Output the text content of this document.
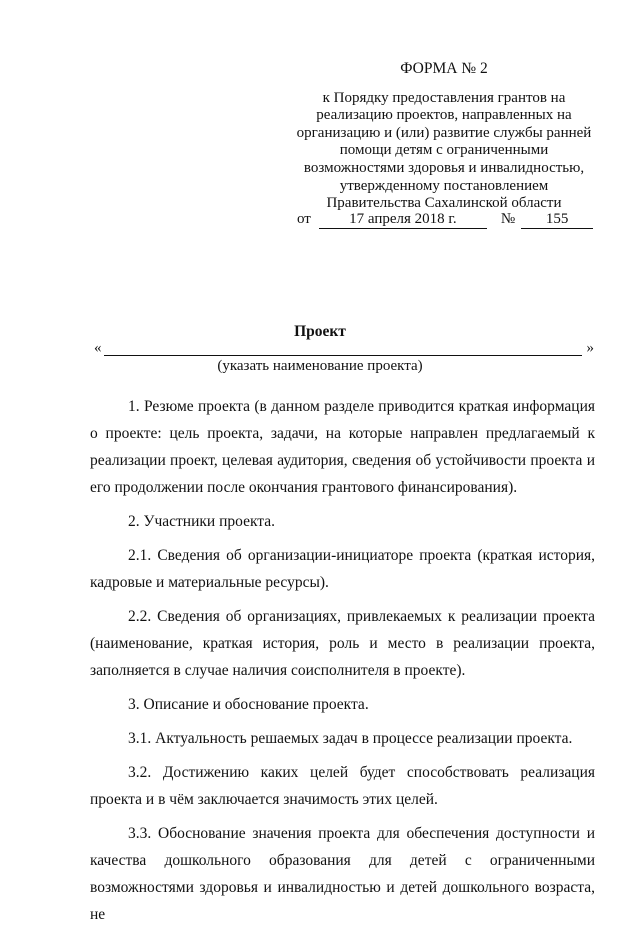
ФОРМА № 2
к Порядку предоставления грантов на
реализацию проектов, направленных на
организацию и (или) развитие службы ранней
помощи детям с ограниченными
возможностями здоровья и инвалидностью,
утвержденному постановлением
Правительства Сахалинской области
от	17 апреля 2018 г.	№ 155
Проект
«	»
(указать наименование проекта)

1. Резюме проекта (в данном разделе приводится краткая информация о проекте: цель проекта, задачи, на которые направлен предлагаемый к реализации проект, целевая аудитория, сведения об устойчивости проекта и его продолжении после окончания грантового финансирования).

2. Участники проекта.

2.1. Сведения об организации-инициаторе проекта (краткая история, кадровые и материальные ресурсы).

2.2. Сведения об организациях, привлекаемых к реализации проекта (наименование, краткая история, роль и место в реализации проекта, заполняется в случае наличия соисполнителя в проекте).

3. Описание и обоснование проекта.

3.1. Актуальность решаемых задач в процессе реализации проекта.

3.2. Достижению каких целей будет способствовать реализация проекта и в чём заключается значимость этих целей.

3.3. Обоснование значения проекта для обеспечения доступности и качества дошкольного образования для детей с ограниченными возможностями здоровья и инвалидностью и детей дошкольного возраста, не
